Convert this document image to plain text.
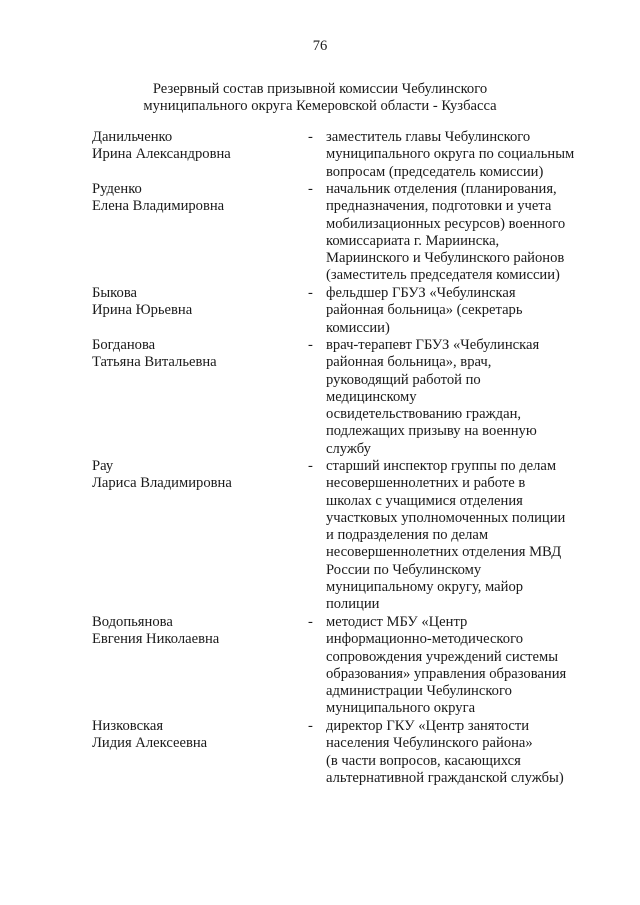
76
Резервный состав призывной комиссии Чебулинского
муниципального округа Кемеровской области - Кузбасса
Данильченко
Ирина Александровна
- заместитель главы Чебулинского
муниципального округа по социальным
вопросам (председатель комиссии)
Руденко
Елена Владимировна
- начальник отделения (планирования,
предназначения, подготовки и учета
мобилизационных ресурсов) военного
комиссариата г. Мариинска,
Мариинского и Чебулинского районов
(заместитель председателя комиссии)
Быкова
Ирина Юрьевна
- фельдшер ГБУЗ «Чебулинская
районная больница» (секретарь
комиссии)
Богданова
Татьяна Витальевна
- врач-терапевт ГБУЗ «Чебулинская
районная больница», врач,
руководящий работой по
медицинскому
освидетельствованию граждан,
подлежащих призыву на военную
службу
Рау
Лариса Владимировна
- старший инспектор группы по делам
несовершеннолетних и работе в
школах с учащимися отделения
участковых уполномоченных полиции
и подразделения по делам
несовершеннолетних отделения МВД
России по Чебулинскому
муниципальному округу, майор
полиции
Водопьянова
Евгения Николаевна
- методист МБУ «Центр
информационно-методического
сопровождения учреждений системы
образования» управления образования
администрации Чебулинского
муниципального округа
Низковская
Лидия Алексеевна
- директор ГКУ «Центр занятости
населения Чебулинского района»
(в части вопросов, касающихся
альтернативной гражданской службы)
